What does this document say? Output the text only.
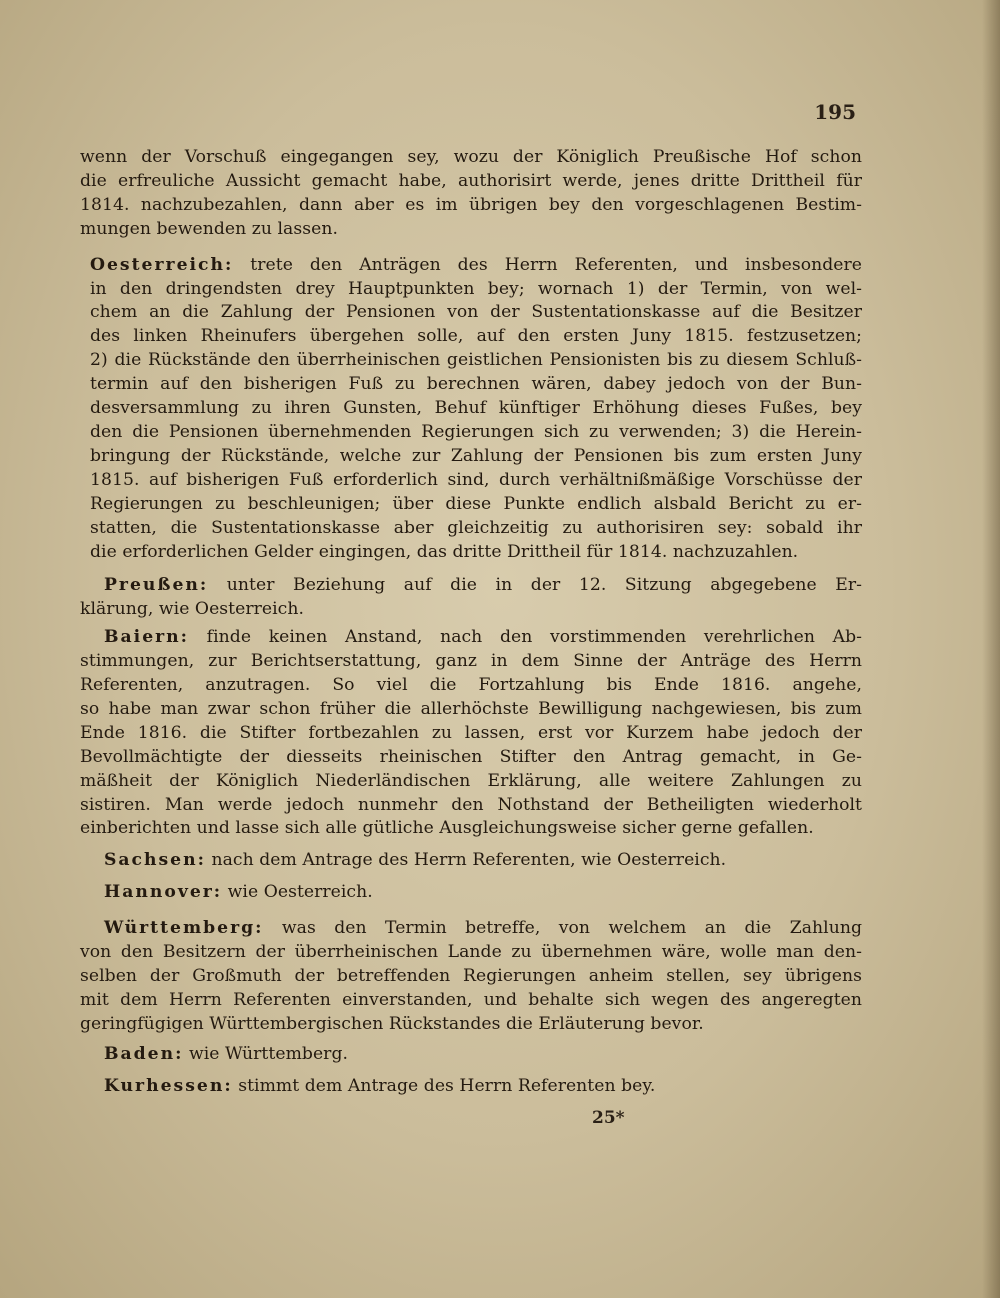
195

wenn der Vorschuß eingegangen sey, wozu der Königlich Preußische Hof schon
die erfreuliche Aussicht gemacht habe, authorisirt werde, jenes dritte Drittheil für
1814. nachzubezahlen, dann aber es im übrigen bey den vorgeschlagenen Bestim-
mungen bewenden zu lassen.

Oesterreich: trete den Anträgen des Herrn Referenten, und insbesondere
in den dringendsten drey Hauptpunkten bey; wornach 1) der Termin, von wel-
chem an die Zahlung der Pensionen von der Sustentationskasse auf die Besitzer
des linken Rheinufers übergehen solle, auf den ersten Juny 1815. festzusetzen;
2) die Rückstände den überrheinischen geistlichen Pensionisten bis zu diesem Schluß-
termin auf den bisherigen Fuß zu berechnen wären, dabey jedoch von der Bun-
desversammlung zu ihren Gunsten, Behuf künftiger Erhöhung dieses Fußes, bey
den die Pensionen übernehmenden Regierungen sich zu verwenden; 3) die Herein-
bringung der Rückstände, welche zur Zahlung der Pensionen bis zum ersten Juny
1815. auf bisherigen Fuß erforderlich sind, durch verhältnißmäßige Vorschüsse der
Regierungen zu beschleunigen; über diese Punkte endlich alsbald Bericht zu er-
statten, die Sustentationskasse aber gleichzeitig zu authorisiren sey: sobald ihr
die erforderlichen Gelder eingingen, das dritte Drittheil für 1814. nachzuzahlen.

Preußen: unter Beziehung auf die in der 12. Sitzung abgegebene Er-
klärung, wie Oesterreich.

Baiern: finde keinen Anstand, nach den vorstimmenden verehrlichen Ab-
stimmungen, zur Berichtserstattung, ganz in dem Sinne der Anträge des Herrn
Referenten, anzutragen. So viel die Fortzahlung bis Ende 1816. angehe,
so habe man zwar schon früher die allerhöchste Bewilligung nachgewiesen, bis zum
Ende 1816. die Stifter fortbezahlen zu lassen, erst vor Kurzem habe jedoch der
Bevollmächtigte der diesseits rheinischen Stifter den Antrag gemacht, in Ge-
mäßheit der Königlich Niederländischen Erklärung, alle weitere Zahlungen zu
sistiren. Man werde jedoch nunmehr den Nothstand der Betheiligten wiederholt
einberichten und lasse sich alle gütliche Ausgleichungsweise sicher gerne gefallen.

Sachsen: nach dem Antrage des Herrn Referenten, wie Oesterreich.

Hannover: wie Oesterreich.

Württemberg: was den Termin betreffe, von welchem an die Zahlung
von den Besitzern der überrheinischen Lande zu übernehmen wäre, wolle man den-
selben der Großmuth der betreffenden Regierungen anheim stellen, sey übrigens
mit dem Herrn Referenten einverstanden, und behalte sich wegen des angeregten
geringfügigen Württembergischen Rückstandes die Erläuterung bevor.

Baden: wie Württemberg.

Kurhessen: stimmt dem Antrage des Herrn Referenten bey.

25*
